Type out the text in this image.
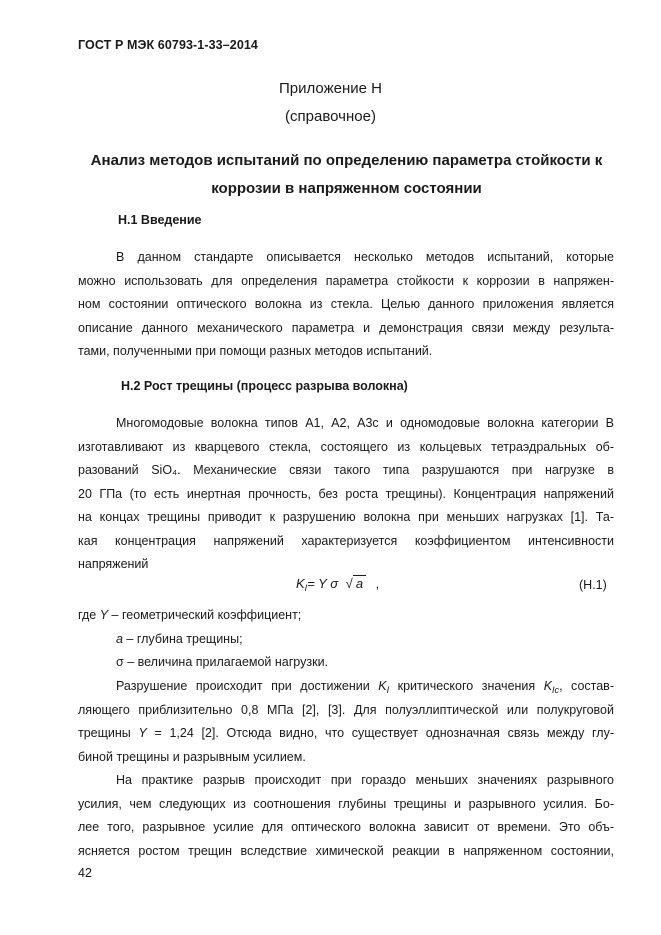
ГОСТ Р МЭК 60793-1-33–2014
Приложение Н
(справочное)
Анализ методов испытаний по определению параметра стойкости к
коррозии в напряженном состоянии
Н.1 Введение
В данном стандарте описывается несколько методов испытаний, которые
можно использовать для определения параметра стойкости к коррозии в напряжен-
ном состоянии оптического волокна из стекла. Целью данного приложения является
описание данного механического параметра и демонстрация связи между результа-
тами, полученными при помощи разных методов испытаний.
Н.2 Рост трещины (процесс разрыва волокна)
Многомодовые волокна типов А1, А2, А3с и одномодовые волокна категории В
изготавливают из кварцевого стекла, состоящего из кольцевых тетраэдральных об-
разований SiO₄. Механические связи такого типа разрушаются при нагрузке в
20 ГПа (то есть инертная прочность, без роста трещины). Концентрация напряжений
на концах трещины приводит к разрушению волокна при меньших нагрузках [1]. Та-
кая концентрация напряжений характеризуется коэффициентом интенсивности
напряжений
$K_I= Y$ σ √ a ,	(Н.1)
где Y – геометрический коэффициент;
a – глубина трещины;
σ – величина прилагаемой нагрузки.
Разрушение происходит при достижении $K_I$ критического значения $K_{Ic}$, состав-
ляющего приблизительно 0,8 МПа [2], [3]. Для полуэллиптической или полукруговой
трещины Y = 1,24 [2]. Отсюда видно, что существует однозначная связь между глу-
биной трещины и разрывным усилием.
На практике разрыв происходит при гораздо меньших значениях разрывного
усилия, чем следующих из соотношения глубины трещины и разрывного усилия. Бо-
лее того, разрывное усилие для оптического волокна зависит от времени. Это объ-
ясняется ростом трещин вследствие химической реакции в напряженном состоянии,
42
